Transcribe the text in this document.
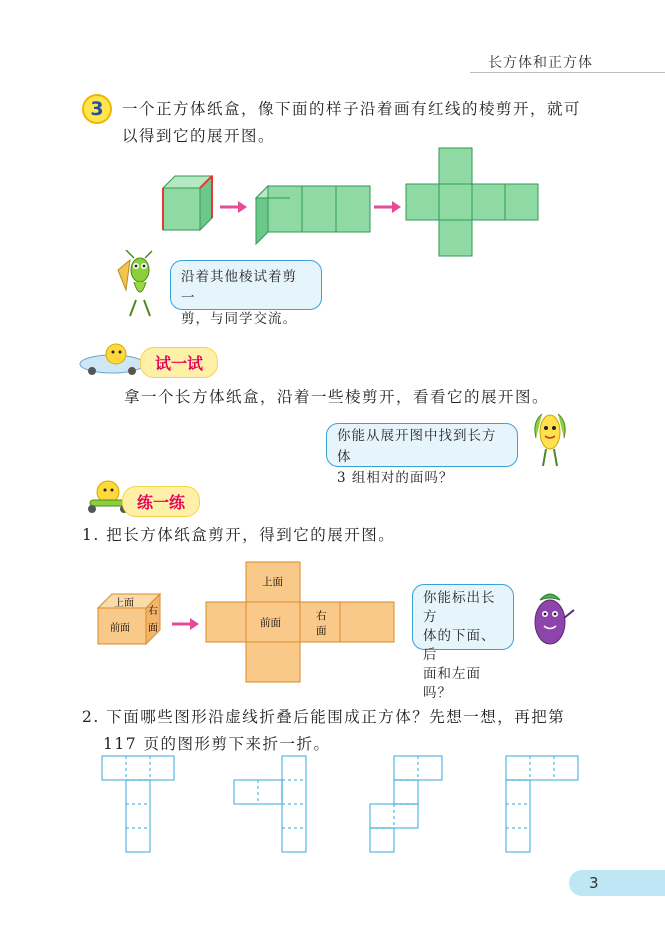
长方体和正方体
3	一个正方体纸盒，像下面的样子沿着画有红线的棱剪开，就可
以得到它的展开图。
沿着其他棱试着剪一
剪，与同学交流。
试一试
拿一个长方体纸盒，沿着一些棱剪开，看看它的展开图。
你能从展开图中找到长方体
3 组相对的面吗？
练一练
1. 把长方体纸盒剪开，得到它的展开图。
上面
前面
右
面
上面
前面
右
面
你能标出长方
体的下面、后
面和左面吗？
2. 下面哪些图形沿虚线折叠后能围成正方体？先想一想，再把第
117 页的图形剪下来折一折。
3
